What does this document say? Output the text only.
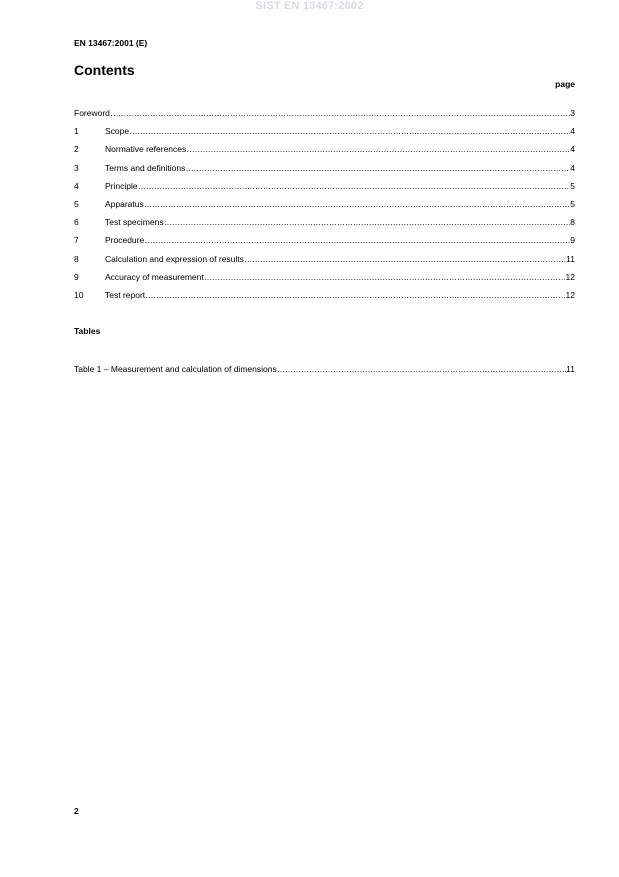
SIST EN 13467:2002
EN 13467:2001 (E)
Contents
page
Foreword .....	3
1	Scope .....	4
2	Normative references .....	4
3	Terms and definitions .....	4
4	Principle .....	5
5	Apparatus .....	5
6	Test specimens .....	8
7	Procedure .....	9
8	Calculation and expression of results .....	11
9	Accuracy of measurement .....	12
10	Test report .....	12
Tables
Table 1 – Measurement and calculation of dimensions .....	11
2
